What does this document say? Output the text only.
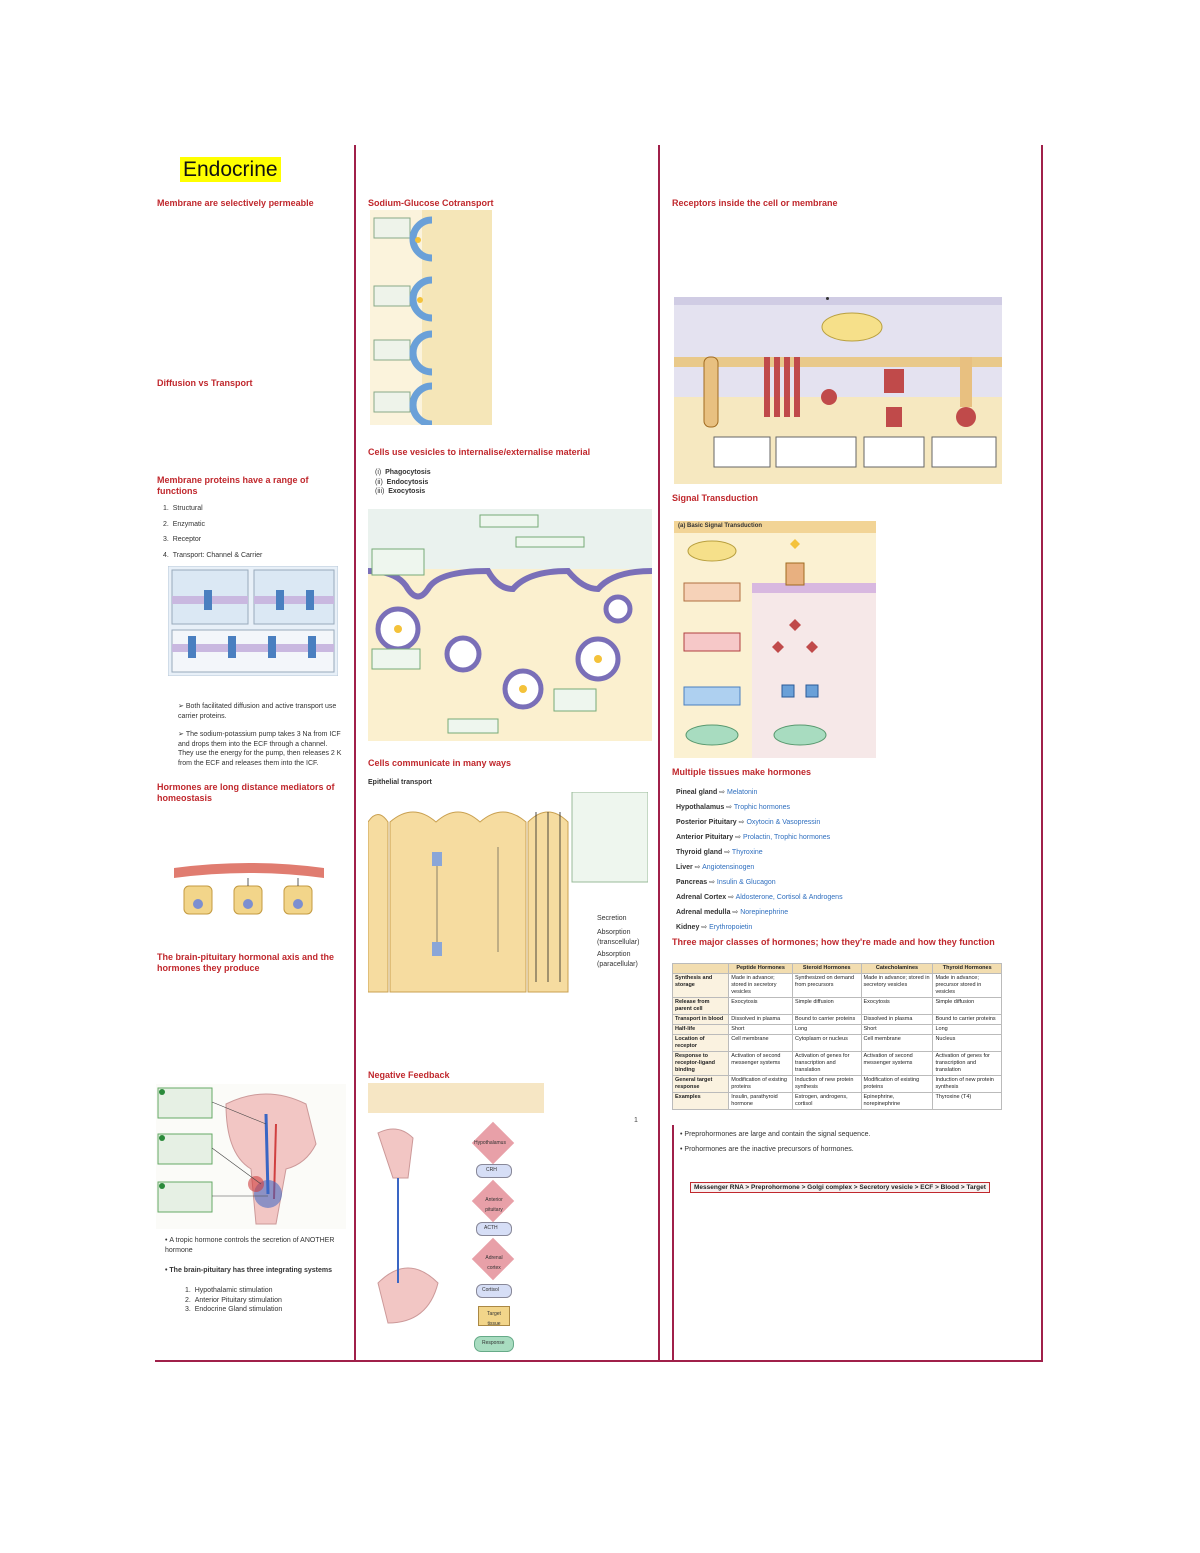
Endocrine
Membrane are selectively permeable
Diffusion vs Transport
Membrane proteins have a range of functions
1.  Structural
2.  Enzymatic
3.  Receptor
4.  Transport: Channel & Carrier
➢ Both facilitated diffusion and active transport use carrier proteins.
➢ The sodium-potassium pump takes 3 Na from ICF and drops them into the ECF through a channel. They use the energy for the pump, then releases 2 K from the ECF and releases them into the ICF.
Hormones are long distance mediators of homeostasis
The brain-pituitary hormonal axis and the hormones they produce
• A tropic hormone controls the secretion of ANOTHER hormone
• The brain-pituitary has three integrating systems
1.  Hypothalamic stimulation
2.  Anterior Pituitary stimulation
3.  Endocrine Gland stimulation
Sodium-Glucose Cotransport
Cells use vesicles to internalise/externalise material
(i)  Phagocytosis
(ii)  Endocytosis
(iii)  Exocytosis
Cells communicate in many ways
Epithelial transport
Secretion
Absorption (transcellular)
Absorption (paracellular)
Negative Feedback
Hypothalamus
CRH
Anterior pituitary
ACTH
Adrenal cortex
Cortisol
Target tissue
Response
1
Receptors inside the cell or membrane
Signal Transduction
(a) Basic Signal Transduction
Multiple tissues make hormones
Pineal gland ⇨ Melatonin
Hypothalamus ⇨ Trophic hormones
Posterior Pituitary ⇨ Oxytocin & Vasopressin
Anterior Pituitary ⇨ Prolactin, Trophic hormones
Thyroid gland ⇨ Thyroxine
Liver ⇨ Angiotensinogen
Pancreas ⇨ Insulin & Glucagon
Adrenal Cortex ⇨ Aldosterone, Cortisol & Androgens
Adrenal medulla ⇨ Norepinephrine
Kidney ⇨ Erythropoietin
Three major classes of hormones; how they're made and how they function
	Peptide Hormones	Steroid Hormones	Catecholamines	Thyroid Hormones
Synthesis and storage	Made in advance; stored in secretory vesicles	Synthesized on demand from precursors	Made in advance; stored in secretory vesicles	Made in advance; precursor stored in vesicles
Release from parent cell	Exocytosis	Simple diffusion	Exocytosis	Simple diffusion
Transport in blood	Dissolved in plasma	Bound to carrier proteins	Dissolved in plasma	Bound to carrier proteins
Half-life	Short	Long	Short	Long
Location of receptor	Cell membrane	Cytoplasm or nucleus	Cell membrane	Nucleus
Response to receptor-ligand binding	Activation of second messenger systems	Activation of genes for transcription and translation	Activation of second messenger systems	Activation of genes for transcription and translation
General target response	Modification of existing proteins	Induction of new protein synthesis	Modification of existing proteins	Induction of new protein synthesis
Examples	Insulin, parathyroid hormone	Estrogen, androgens, cortisol	Epinephrine, norepinephrine	Thyroxine (T4)
• Preprohormones are large and contain the signal sequence.
• Prohormones are the inactive precursors of hormones.
Messenger RNA > Preprohormone > Golgi complex > Secretory vesicle > ECF > Blood > Target
